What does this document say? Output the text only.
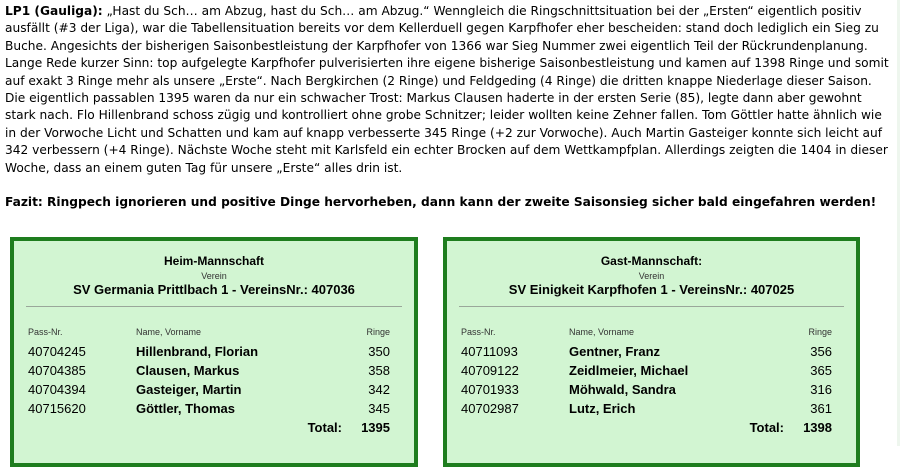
LP1 (Gauliga): „Hast du Sch… am Abzug, hast du Sch… am Abzug.“ Wenngleich die Ringschnittsituation bei der „Ersten“ eigentlich positiv ausfällt (#3 der Liga), war die Tabellensituation bereits vor dem Kellerduell gegen Karpfhofer eher bescheiden: stand doch lediglich ein Sieg zu Buche. Angesichts der bisherigen Saisonbestleistung der Karpfhofer von 1366 war Sieg Nummer zwei eigentlich Teil der Rückrundenplanung. Lange Rede kurzer Sinn: top aufgelegte Karpfhofer pulverisierten ihre eigene bisherige Saisonbestleistung und kamen auf 1398 Ringe und somit auf exakt 3 Ringe mehr als unsere „Erste“. Nach Bergkirchen (2 Ringe) und Feldgeding (4 Ringe) die dritten knappe Niederlage dieser Saison. Die eigentlich passablen 1395 waren da nur ein schwacher Trost: Markus Clausen haderte in der ersten Serie (85), legte dann aber gewohnt stark nach. Flo Hillenbrand schoss zügig und kontrolliert ohne grobe Schnitzer; leider wollten keine Zehner fallen. Tom Göttler hatte ähnlich wie in der Vorwoche Licht und Schatten und kam auf knapp verbesserte 345 Ringe (+2 zur Vorwoche). Auch Martin Gasteiger konnte sich leicht auf 342 verbessern (+4 Ringe). Nächste Woche steht mit Karlsfeld ein echter Brocken auf dem Wettkampfplan. Allerdings zeigten die 1404 in dieser Woche, dass an einem guten Tag für unsere „Erste“ alles drin ist.

Fazit: Ringpech ignorieren und positive Dinge hervorheben, dann kann der zweite Saisonsieg sicher bald eingefahren werden!

Heim-Mannschaft
Verein
SV Germania Prittlbach 1 - VereinsNr.: 407036
Pass-Nr.	Name, Vorname	Ringe
40704245	Hillenbrand, Florian	350
40704385	Clausen, Markus	358
40704394	Gasteiger, Martin	342
40715620	Göttler, Thomas	345
Total: 1395
Gast-Mannschaft:
Verein
SV Einigkeit Karpfhofen 1 - VereinsNr.: 407025
Pass-Nr.	Name, Vorname	Ringe
40711093	Gentner, Franz	356
40709122	Zeidlmeier, Michael	365
40701933	Möhwald, Sandra	316
40702987	Lutz, Erich	361
Total: 1398
